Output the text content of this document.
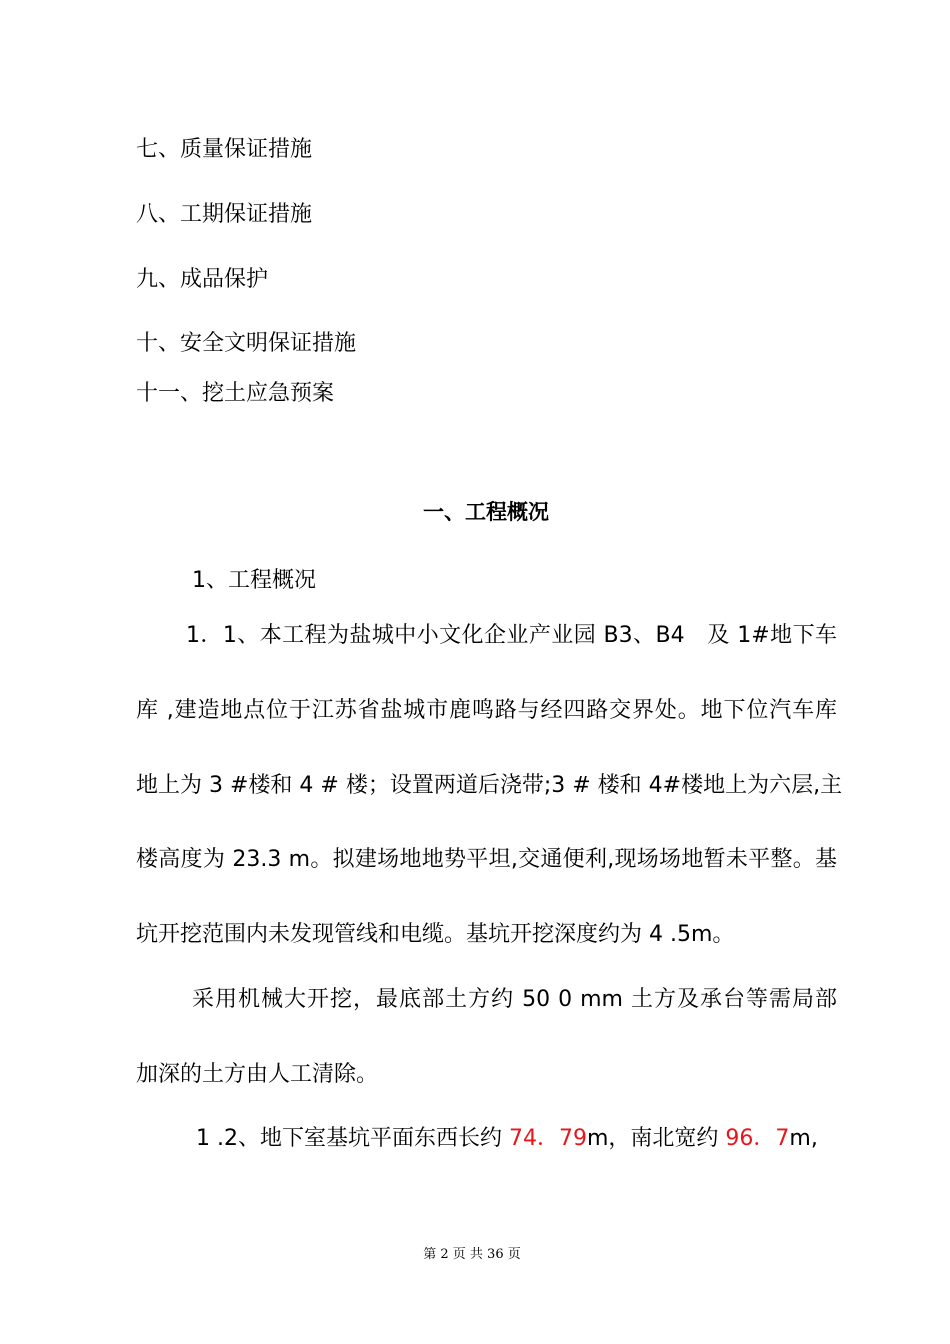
七、质量保证措施
八、工期保证措施
九、成品保护
十、安全文明保证措施
十一、挖土应急预案
一、工程概况
1、工程概况
1．1、本工程为盐城中小文化企业产业园 B3、B4　及 1#地下车
库 ,建造地点位于江苏省盐城市鹿鸣路与经四路交界处。地下位汽车库
地上为 3 #楼和 4 # 楼；设置两道后浇带;3 # 楼和 4#楼地上为六层,主
楼高度为 23.3 m。拟建场地地势平坦,交通便利,现场场地暂未平整。基
坑开挖范围内未发现管线和电缆。基坑开挖深度约为 4 .5m。
采用机械大开挖，最底部土方约 50 0 mm 土方及承台等需局部
加深的土方由人工清除。
1 .2、地下室基坑平面东西长约 74．79m，南北宽约 96．7m,
第 2 页 共 36 页
